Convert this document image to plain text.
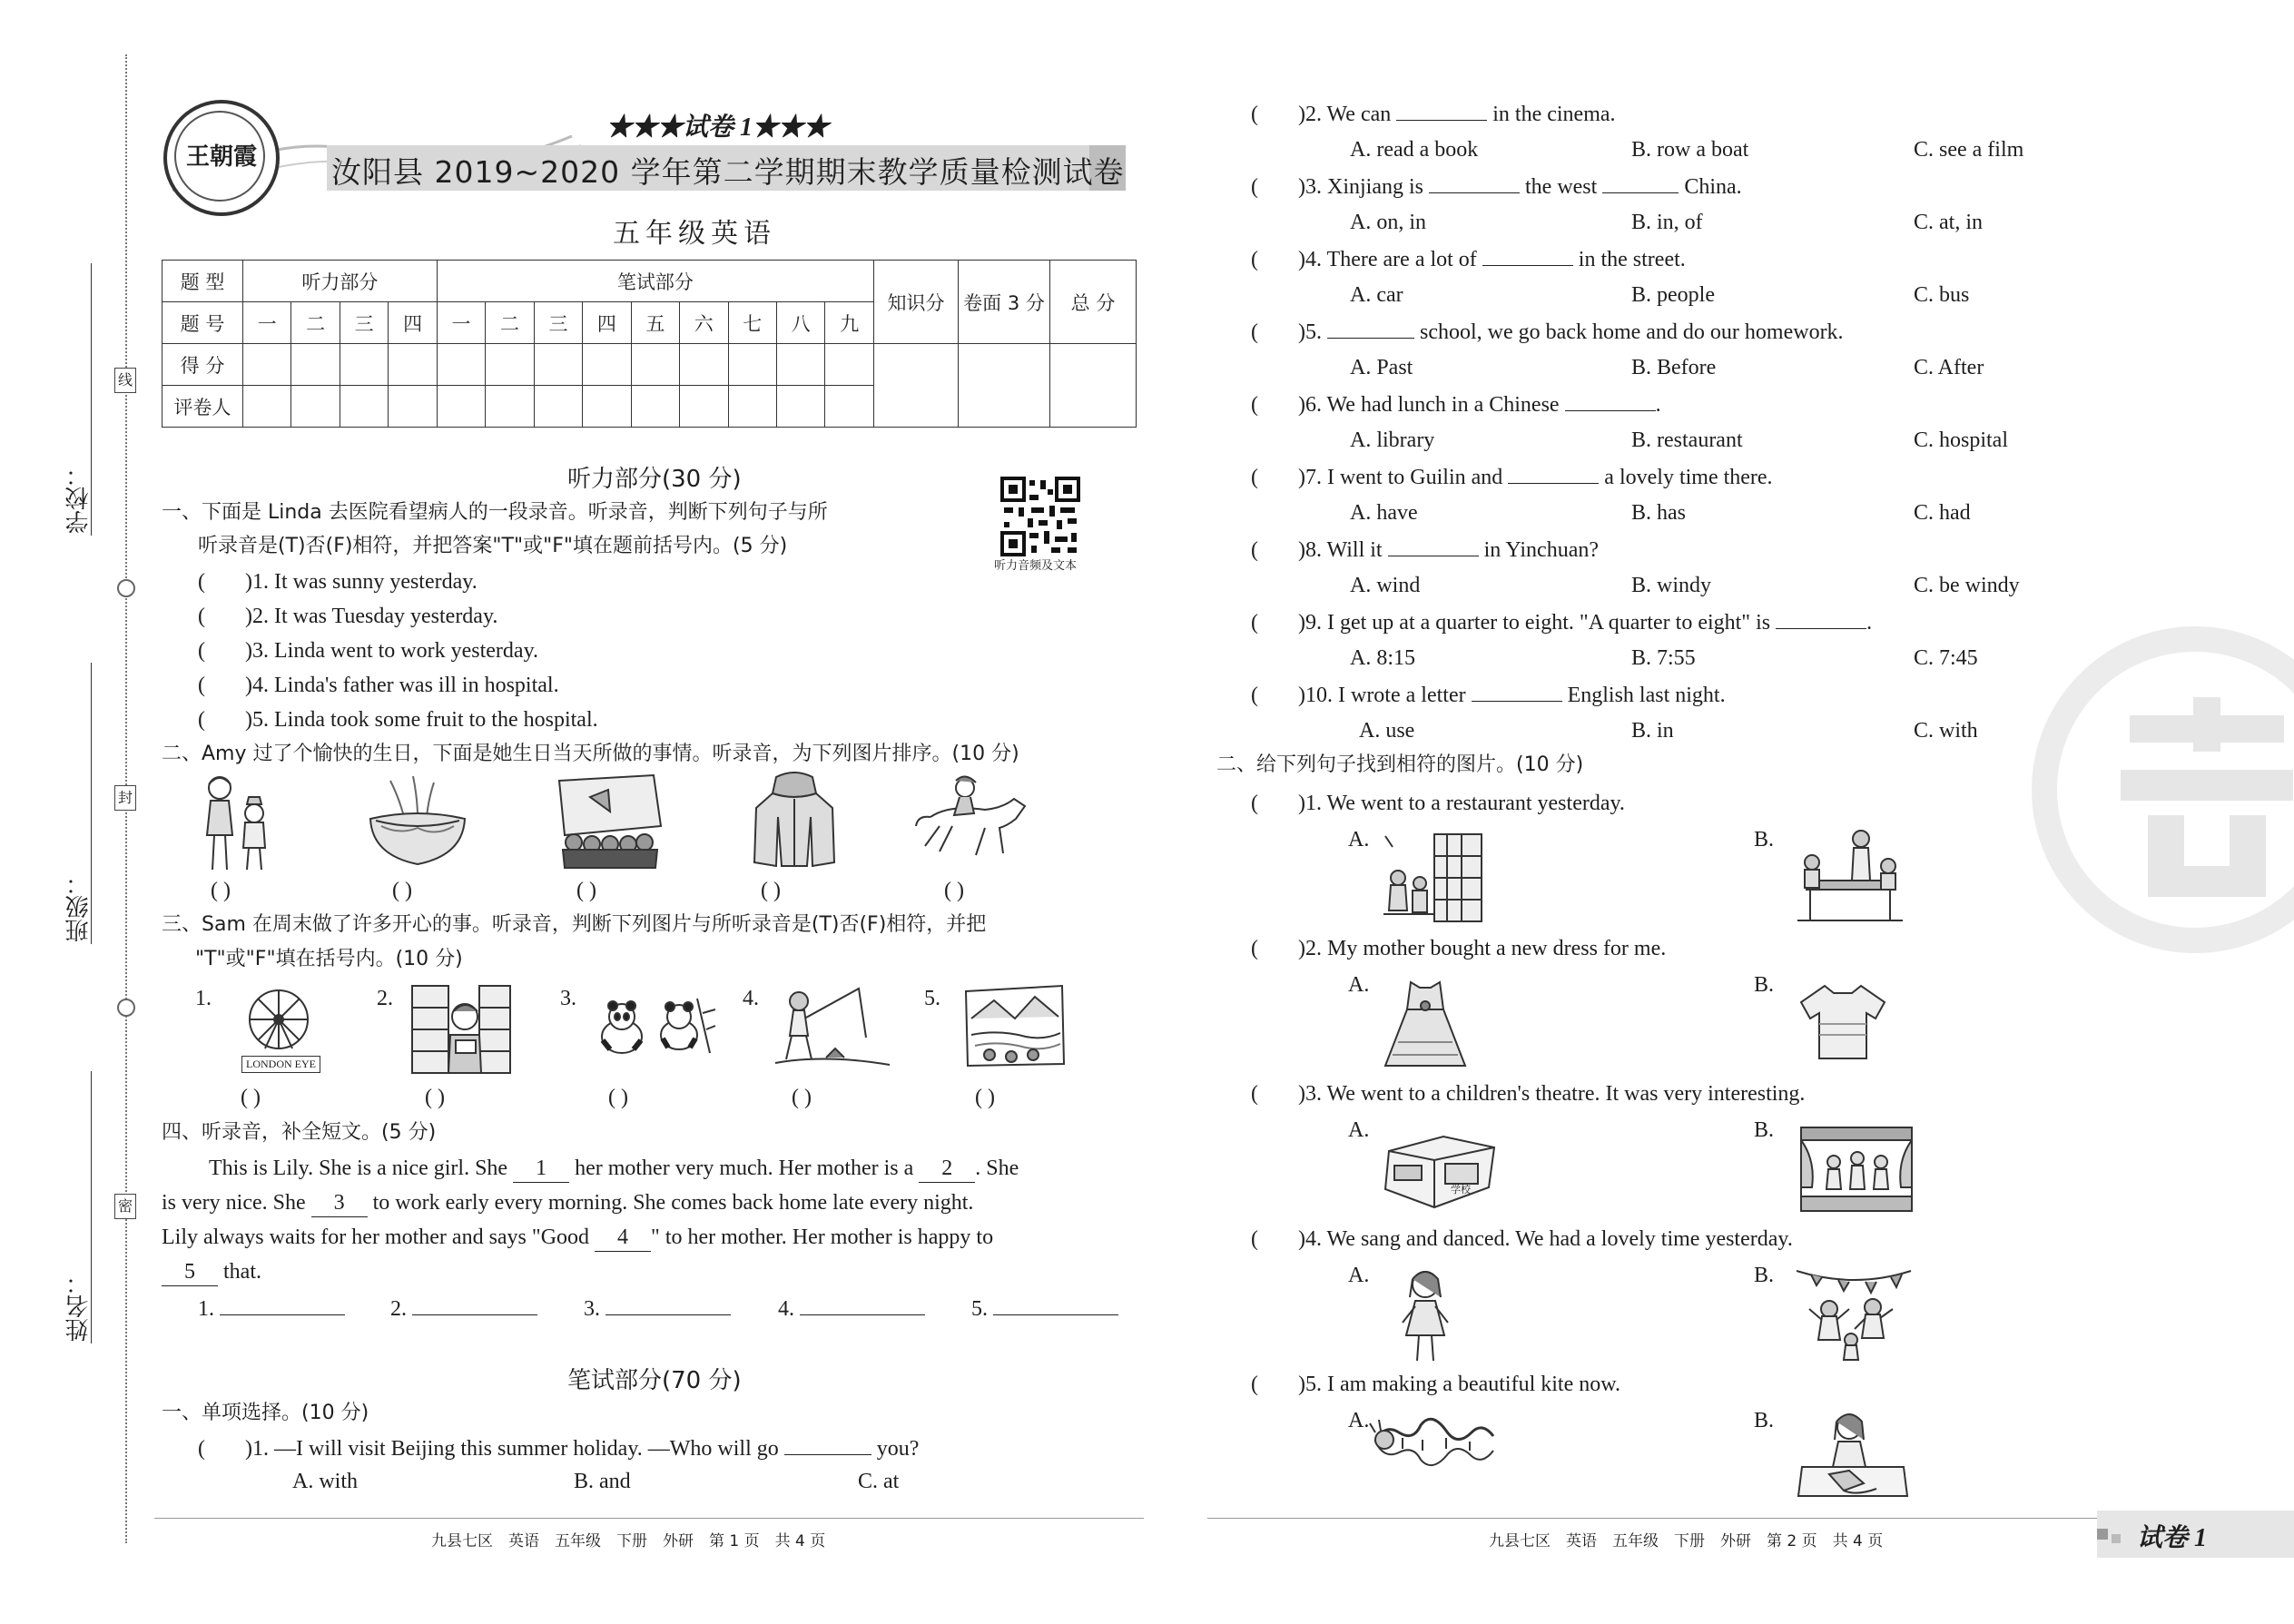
学校：
班级：
姓名：
线
封
密
王朝霞
★★★试卷 1★★★
汝阳县 2019~2020 学年第二学期期末教学质量检测试卷
五年级英语
题 型	听力部分				笔试部分									知识分	卷面 3 分	总 分
题 号	一	二	三	四	一	二	三	四	五	六	七	八	九			
得 分																
评卷人																
听力部分(30 分)
听力音频及文本
一、下面是 Linda 去医院看望病人的一段录音。听录音，判断下列句子与所
听录音是(T)否(F)相符，并把答案"T"或"F"填在题前括号内。(5 分)
( )1. It was sunny yesterday.
( )2. It was Tuesday yesterday.
( )3. Linda went to work yesterday.
( )4. Linda's father was ill in hospital.
( )5. Linda took some fruit to the hospital.
二、Amy 过了个愉快的生日，下面是她生日当天所做的事情。听录音，为下列图片排序。(10 分)
( )	( )	( )	( )	( )
三、Sam 在周末做了许多开心的事。听录音，判断下列图片与所听录音是(T)否(F)相符，并把
"T"或"F"填在括号内。(10 分)
1.	2.	3.	4.	5.
LONDON EYE
( )	( )	( )	( )	( )
四、听录音，补全短文。(5 分)
This is Lily. She is a nice girl. She 1 her mother very much. Her mother is a 2 . She
is very nice. She 3 to work early every morning. She comes back home late every night.
Lily always waits for her mother and says "Good 4 " to her mother. Her mother is happy to
5 that.
1.	2.	3.	4.	5.
笔试部分(70 分)
一、单项选择。(10 分)
( )1. —I will visit Beijing this summer holiday. —Who will go	you?
A. with	B. and	C. at
九县七区　英语　五年级　下册　外研　第 1 页　共 4 页
( )2. We can	in the cinema.
A. read a book	B. row a boat	C. see a film
( )3. Xinjiang is	the west	China.
A. on, in	B. in, of	C. at, in
( )4. There are a lot of	in the street.
A. car	B. people	C. bus
( )5.	school, we go back home and do our homework.
A. Past	B. Before	C. After
( )6. We had lunch in a Chinese	.
A. library	B. restaurant	C. hospital
( )7. I went to Guilin and	a lovely time there.
A. have	B. has	C. had
( )8. Will it	in Yinchuan?
A. wind	B. windy	C. be windy
( )9. I get up at a quarter to eight. "A quarter to eight" is	.
A. 8:15	B. 7:55	C. 7:45
( )10. I wrote a letter	English last night.
A. use	B. in	C. with
二、给下列句子找到相符的图片。(10 分)
( )1. We went to a restaurant yesterday.
A.	B.
( )2. My mother bought a new dress for me.
A.	B.
( )3. We went to a children's theatre. It was very interesting.
A.	B.
学校
( )4. We sang and danced. We had a lovely time yesterday.
A.	B.
( )5. I am making a beautiful kite now.
A.	B.
九县七区　英语　五年级　下册　外研　第 2 页　共 4 页	试卷 1
